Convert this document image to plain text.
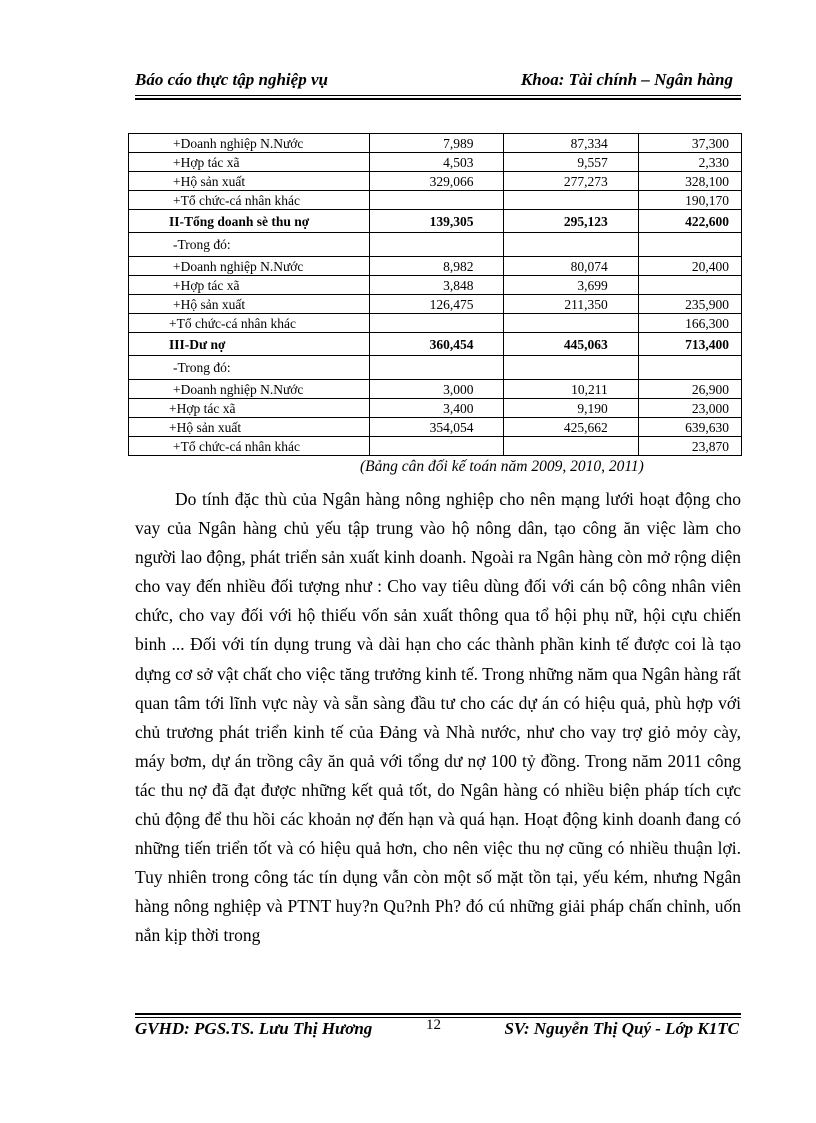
Báo cáo thực tập nghiệp vụ	Khoa: Tài chính – Ngân hàng
+Doanh nghiệp N.Nước	7,989	87,334	37,300
+Hợp tác xã	4,503	9,557	2,330
+Hộ sản xuất	329,066	277,273	328,100
+Tổ chức-cá nhân khác			190,170
II-Tổng doanh sè thu nợ	139,305	295,123	422,600
-Trong đó:			
+Doanh nghiệp N.Nước	8,982	80,074	20,400
+Hợp tác xã	3,848	3,699	
+Hộ sản xuất	126,475	211,350	235,900
+Tổ chức-cá nhân khác			166,300
III-Dư nợ	360,454	445,063	713,400
-Trong đó:			
+Doanh nghiệp N.Nước	3,000	10,211	26,900
+Hợp tác xã	3,400	9,190	23,000
+Hộ sản xuất	354,054	425,662	639,630
+Tổ chức-cá nhân khác			23,870
(Bảng cân đối kế toán năm 2009, 2010, 2011)

Do tính đặc thù của Ngân hàng nông nghiệp cho nên mạng lưới hoạt động cho vay của Ngân hàng chủ yếu tập trung vào hộ nông dân, tạo công ăn việc làm cho người lao động, phát triển sản xuất kinh doanh. Ngoài ra Ngân hàng còn mở rộng diện cho vay đến nhiều đối tượng như : Cho vay tiêu dùng đối với cán bộ công nhân viên chức, cho vay đối với hộ thiếu vốn sản xuất thông qua tổ hội phụ nữ, hội cựu chiến binh ... Đối với tín dụng trung và dài hạn cho các thành phần kinh tế được coi là tạo dựng cơ sở vật chất cho việc tăng trưởng kinh tế. Trong những năm qua Ngân hàng rất quan tâm tới lĩnh vực này và sẵn sàng đầu tư cho các dự án có hiệu quả, phù hợp với chủ trương phát triển kinh tế của Đảng và Nhà nước, như cho vay trợ giỏ mỏy cày, máy bơm, dự án trồng cây ăn quả với tổng dư nợ 100 tỷ đồng. Trong năm 2011 công tác thu nợ đã đạt được những kết quả tốt, do Ngân hàng có nhiều biện pháp tích cực chủ động để thu hồi các khoản nợ đến hạn và quá hạn. Hoạt động kinh doanh đang có những tiến triển tốt và có hiệu quả hơn, cho nên việc thu nợ cũng có nhiều thuận lợi. Tuy nhiên trong công tác tín dụng vẫn còn một số mặt tồn tại, yếu kém, nhưng Ngân hàng nông nghiệp và PTNT huy?n Qu?nh Ph? đó cú những giải pháp chấn chỉnh, uốn nắn kịp thời trong

GVHD: PGS.TS. Lưu Thị Hương	12	SV: Nguyễn Thị Quý - Lớp K1TC
